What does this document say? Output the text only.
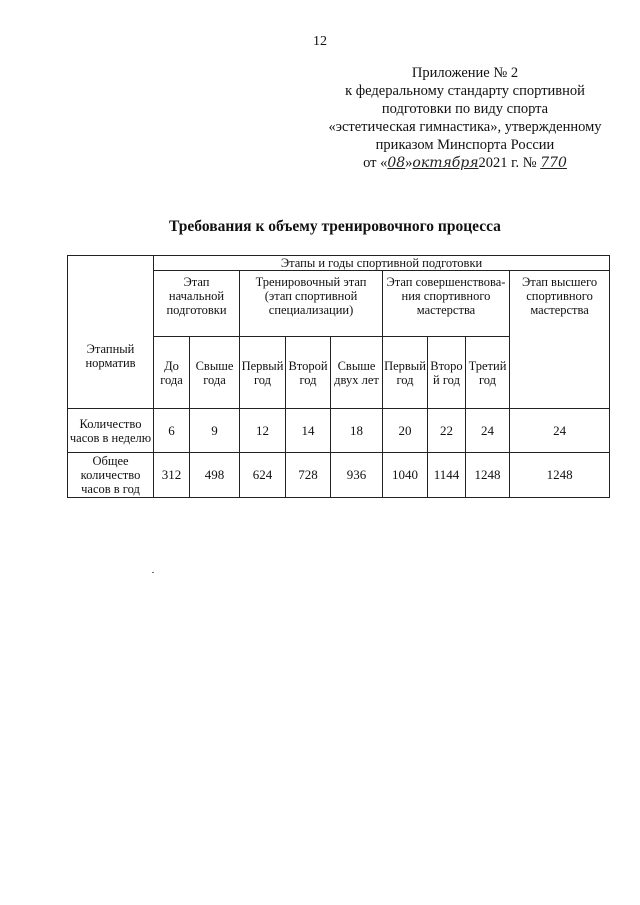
12
Приложение № 2
к федеральному стандарту спортивной
подготовки по виду спорта
«эстетическая гимнастика», утвержденному
приказом Минспорта России
от «08»октября2021 г. № 770
Требования к объему тренировочного процесса
Этапный норматив	Этапы и годы спортивной подготовки								
	Этап начальной подготовки		Тренировочный этап (этап спортивной специализации)			Этап совершенствова-ния спортивного мастерства			Этап высшего спортивного мастерства
	До года	Свыше года	Первый год	Второй год	Свыше двух лет	Первый год	Второ й год	Третий год	
Количество часов в неделю	6	9	12	14	18	20	22	24	24
Общее количество часов в год	312	498	624	728	936	1040	1144	1248	1248
